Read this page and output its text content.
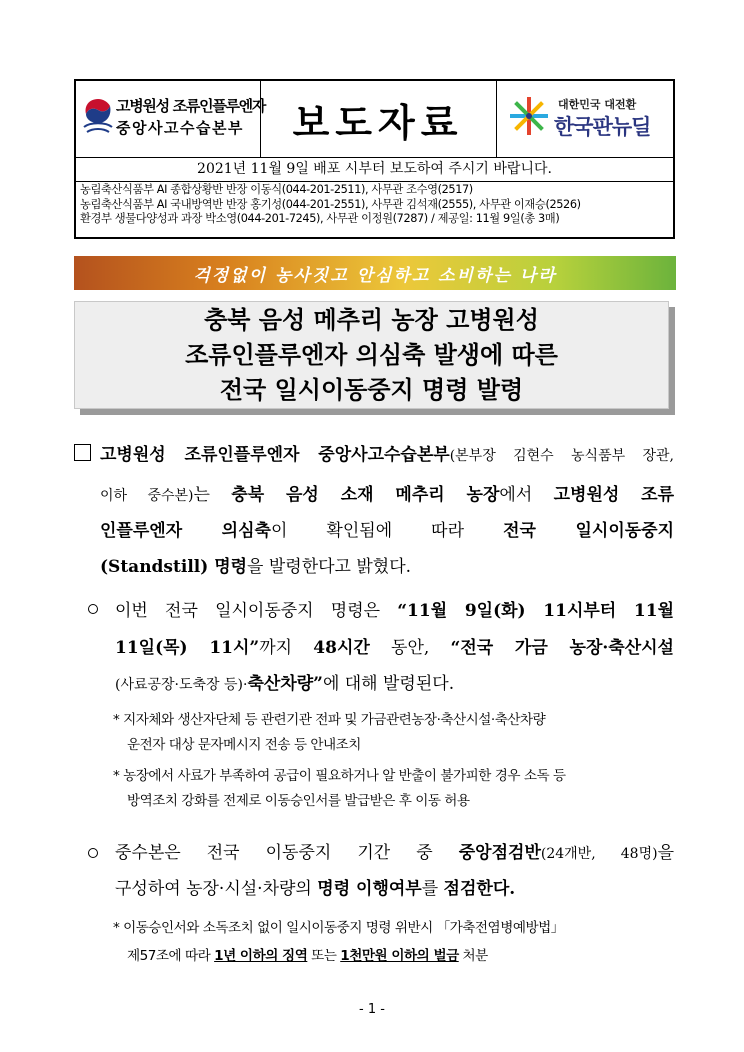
고병원성 조류인플루엔자
중앙사고수습본부 보도자료	대한민국 대전환
한국판뉴딜
2021년 11월 9일 배포 시부터 보도하여 주시기 바랍니다.
농림축산식품부 AI 종합상황반 반장 이동식(044-201-2511), 사무관 조수영(2517)
농림축산식품부 AI 국내방역반 반장 홍기성(044-201-2551), 사무관 김석재(2555), 사무관 이재승(2526)
환경부 생물다양성과 과장 박소영(044-201-7245), 사무관 이정원(7287) / 제공일: 11월 9일(총 3매)
걱정없이 농사짓고 안심하고 소비하는 나라
충북 음성 메추리 농장 고병원성
조류인플루엔자 의심축 발생에 따른
전국 일시이동중지 명령 발령
고병원성 조류인플루엔자 중앙사고수습본부(본부장 김현수 농식품부 장관,
이하 중수본)는 충북 음성 소재 메추리 농장에서 고병원성 조류
인플루엔자 의심축이 확인됨에 따라 전국 일시이동중지
(Standstill) 명령을 발령한다고 밝혔다.
이번 전국 일시이동중지 명령은 “11월 9일(화) 11시부터 11월
11일(목) 11시”까지 48시간 동안, “전국 가금 농장·축산시설
(사료공장·도축장 등)·축산차량”에 대해 발령된다.
* 지자체와 생산자단체 등 관련기관 전파 및 가금관련농장·축산시설·축산차량
운전자 대상 문자메시지 전송 등 안내조치
* 농장에서 사료가 부족하여 공급이 필요하거나 알 반출이 불가피한 경우 소독 등
방역조치 강화를 전제로 이동승인서를 발급받은 후 이동 허용
중수본은 전국 이동중지 기간 중 중앙점검반(24개반, 48명)을
구성하여 농장·시설·차량의 명령 이행여부를 점검한다.
* 이동승인서와 소독조치 없이 일시이동중지 명령 위반시 「가축전염병예방법」
제57조에 따라 1년 이하의 징역 또는 1천만원 이하의 벌금 처분
- 1 -
